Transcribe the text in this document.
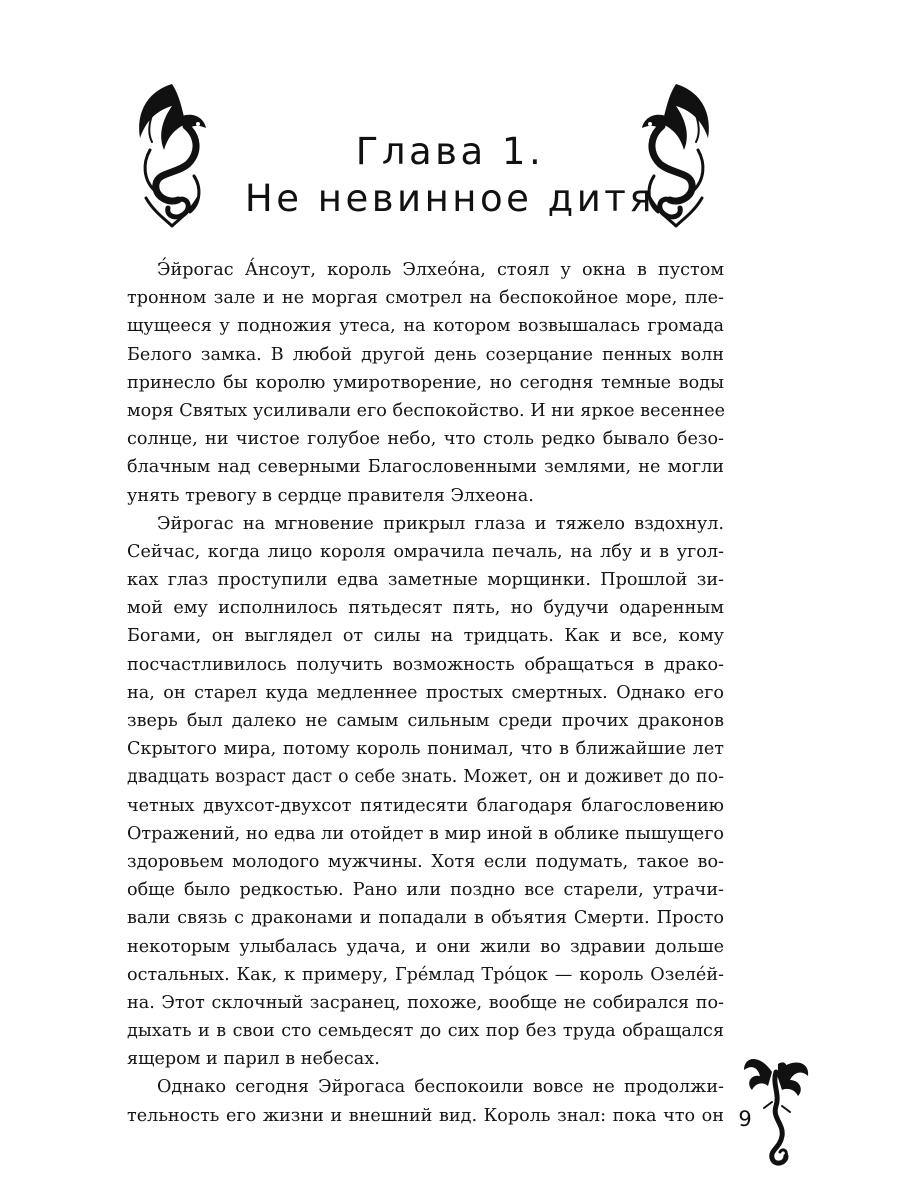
Глава 1.
Не невинное дитя
Э́йрогас А́нсоут, король Элхео́на, стоял у окна в пустом
тронном зале и не моргая смотрел на беспокойное море, пле-
щущееся у подножия утеса, на котором возвышалась громада
Белого замка. В любой другой день созерцание пенных волн
принесло бы королю умиротворение, но сегодня темные воды
моря Святых усиливали его беспокойство. И ни яркое весеннее
солнце, ни чистое голубое небо, что столь редко бывало безо-
блачным над северными Благословенными землями, не могли
унять тревогу в сердце правителя Элхеона.
Эйрогас на мгновение прикрыл глаза и тяжело вздохнул.
Сейчас, когда лицо короля омрачила печаль, на лбу и в угол-
ках глаз проступили едва заметные морщинки. Прошлой зи-
мой ему исполнилось пятьдесят пять, но будучи одаренным
Богами, он выглядел от силы на тридцать. Как и все, кому
посчастливилось получить возможность обращаться в драко-
на, он старел куда медленнее простых смертных. Однако его
зверь был далеко не самым сильным среди прочих драконов
Скрытого мира, потому король понимал, что в ближайшие лет
двадцать возраст даст о себе знать. Может, он и доживет до по-
четных двухсот-двухсот пятидесяти благодаря благословению
Отражений, но едва ли отойдет в мир иной в облике пышущего
здоровьем молодого мужчины. Хотя если подумать, такое во-
обще было редкостью. Рано или поздно все старели, утрачи-
вали связь с драконами и попадали в объятия Смерти. Просто
некоторым улыбалась удача, и они жили во здравии дольше
остальных. Как, к примеру, Гре́млад Тро́цок — король Озеле́й-
на. Этот склочный засранец, похоже, вообще не собирался по-
дыхать и в свои сто семьдесят до сих пор без труда обращался
ящером и парил в небесах.
Однако сегодня Эйрогаса беспокоили вовсе не продолжи-
тельность его жизни и внешний вид. Король знал: пока что он 9
